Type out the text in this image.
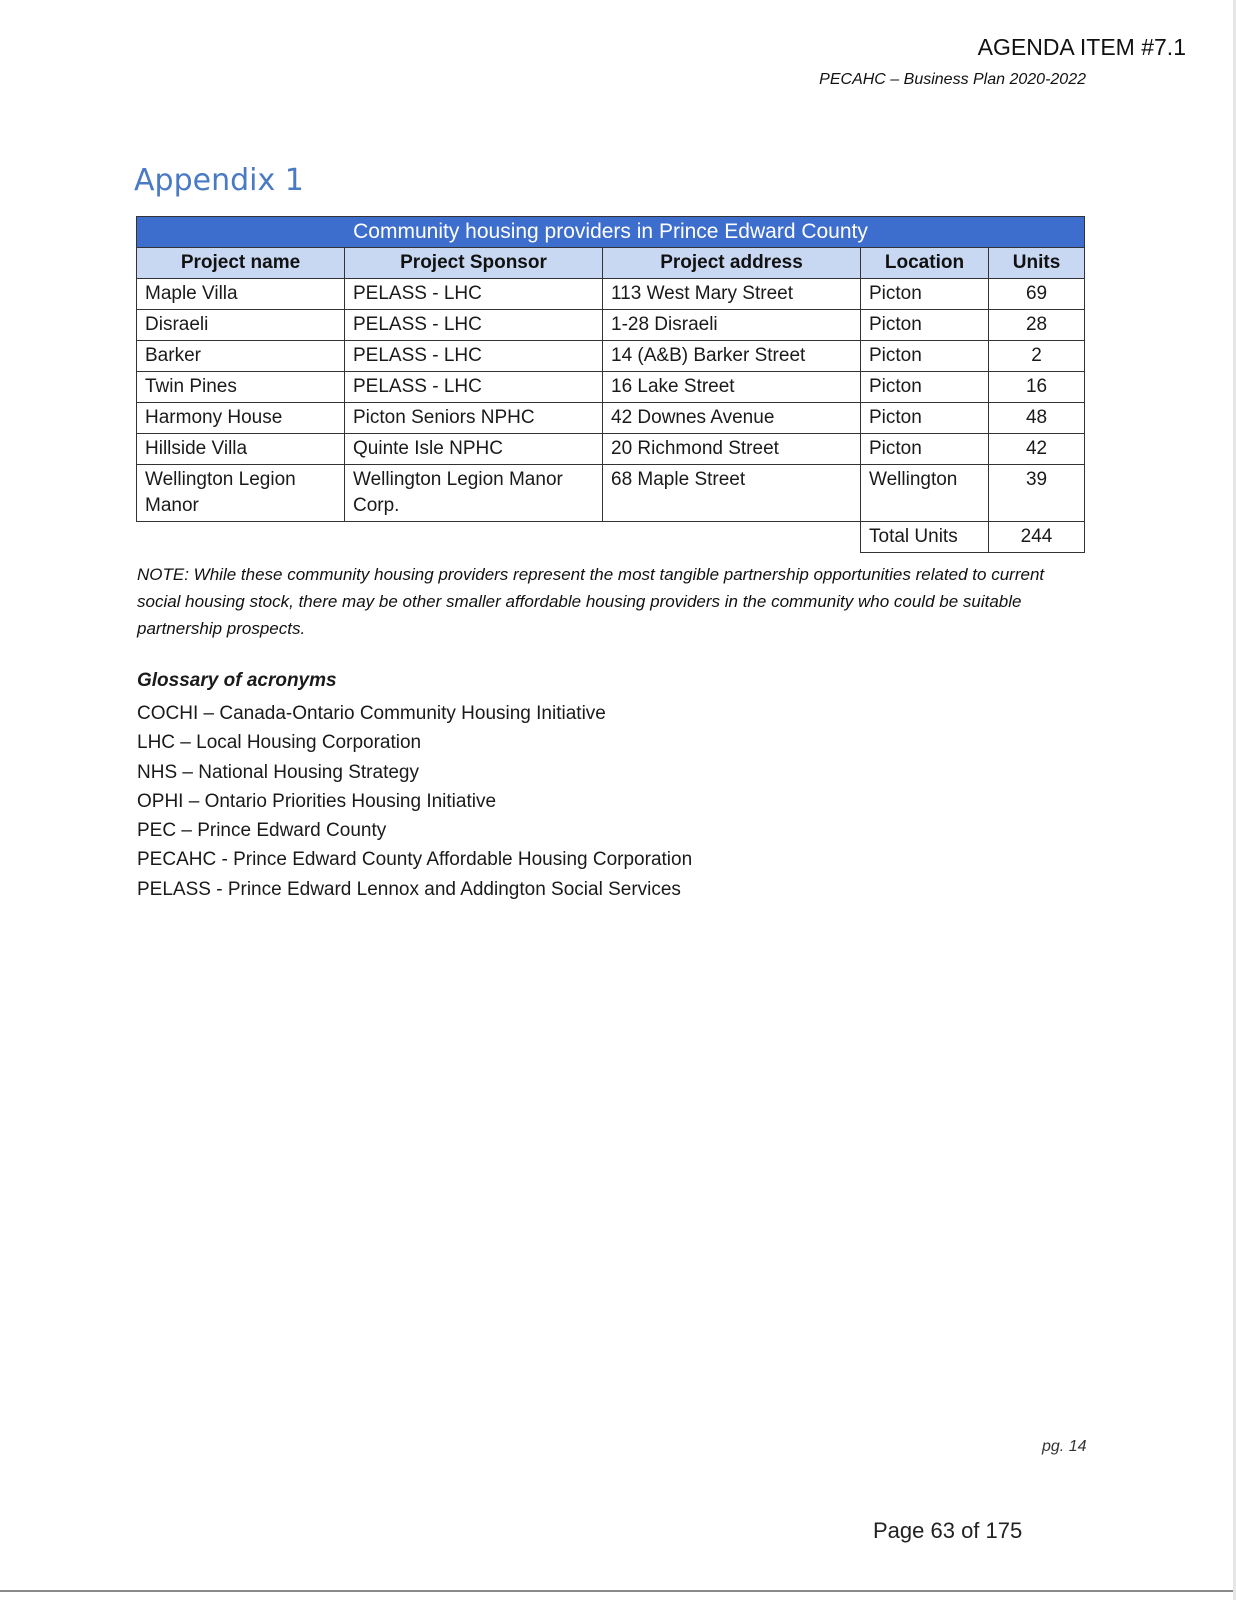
AGENDA ITEM #7.1
PECAHC – Business Plan 2020-2022
Appendix 1
Community housing providers in Prince Edward County				
Project name	Project Sponsor	Project address	Location	Units
Maple Villa	PELASS - LHC	113 West Mary Street	Picton	69
Disraeli	PELASS - LHC	1-28 Disraeli	Picton	28
Barker	PELASS - LHC	14 (A&B) Barker Street	Picton	2
Twin Pines	PELASS - LHC	16 Lake Street	Picton	16
Harmony House	Picton Seniors NPHC	42 Downes Avenue	Picton	48
Hillside Villa	Quinte Isle NPHC	20 Richmond Street	Picton	42
Wellington Legion Manor	Wellington Legion Manor Corp.	68 Maple Street	Wellington	39
			Total Units	244

NOTE: While these community housing providers represent the most tangible partnership opportunities related to current social housing stock, there may be other smaller affordable housing providers in the community who could be suitable partnership prospects.

Glossary of acronyms
COCHI – Canada-Ontario Community Housing Initiative
LHC – Local Housing Corporation
NHS – National Housing Strategy
OPHI – Ontario Priorities Housing Initiative
PEC – Prince Edward County
PECAHC - Prince Edward County Affordable Housing Corporation
PELASS - Prince Edward Lennox and Addington Social Services
pg. 14
Page 63 of 175
